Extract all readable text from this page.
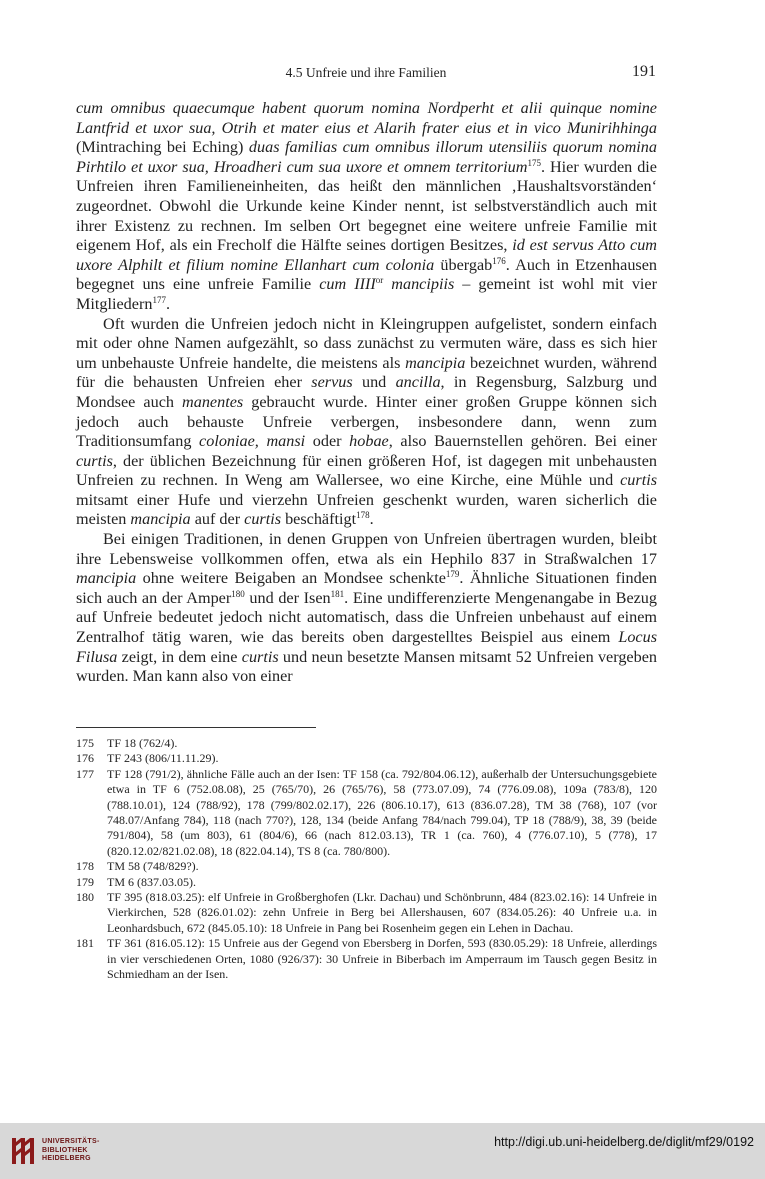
4.5 Unfreie und ihre Familien	191

cum omnibus quaecumque habent quorum nomina Nordperht et alii quinque nomine Lantfrid et uxor sua, Otrih et mater eius et Alarih frater eius et in vico Munirihhinga (Mintraching bei Eching) duas familias cum omnibus illorum utensiliis quorum nomina Pirhtilo et uxor sua, Hroadheri cum sua uxore et omnem territorium$^{175}$. Hier wurden die Unfreien ihren Familieneinheiten, das heißt den männlichen ‚Haushaltsvorständen‘ zugeordnet. Obwohl die Urkunde keine Kinder nennt, ist selbstverständlich auch mit ihrer Existenz zu rechnen. Im selben Ort begegnet eine weitere unfreie Familie mit eigenem Hof, als ein Frecholf die Hälfte seines dortigen Besitzes, id est servus Atto cum uxore Alphilt et filium nomine Ellanhart cum colonia übergab$^{176}$. Auch in Etzenhausen begegnet uns eine unfreie Familie cum $IIII^{or}$ mancipiis – gemeint ist wohl mit vier Mitgliedern$^{177}$.

Oft wurden die Unfreien jedoch nicht in Kleingruppen aufgelistet, sondern einfach mit oder ohne Namen aufgezählt, so dass zunächst zu vermuten wäre, dass es sich hier um unbehauste Unfreie handelte, die meistens als mancipia bezeichnet wurden, während für die behausten Unfreien eher servus und ancilla, in Regensburg, Salzburg und Mondsee auch manentes gebraucht wurde. Hinter einer großen Gruppe können sich jedoch auch behauste Unfreie verbergen, insbesondere dann, wenn zum Traditionsumfang coloniae, mansi oder hobae, also Bauernstellen gehören. Bei einer curtis, der üblichen Bezeichnung für einen größeren Hof, ist dagegen mit unbehausten Unfreien zu rechnen. In Weng am Wallersee, wo eine Kirche, eine Mühle und curtis mitsamt einer Hufe und vierzehn Unfreien geschenkt wurden, waren sicherlich die meisten mancipia auf der curtis beschäftigt$^{178}$.

Bei einigen Traditionen, in denen Gruppen von Unfreien übertragen wurden, bleibt ihre Lebensweise vollkommen offen, etwa als ein Hephilo 837 in Straßwalchen 17 mancipia ohne weitere Beigaben an Mondsee schenkte$^{179}$. Ähnliche Situationen finden sich auch an der Amper$^{180}$ und der Isen$^{181}$. Eine undifferenzierte Mengenangabe in Bezug auf Unfreie bedeutet jedoch nicht automatisch, dass die Unfreien unbehaust auf einem Zentralhof tätig waren, wie das bereits oben dargestelltes Beispiel aus einem Locus Filusa zeigt, in dem eine curtis und neun besetzte Mansen mitsamt 52 Unfreien vergeben wurden. Man kann also von einer

175 TF 18 (762/4).
176 TF 243 (806/11.11.29).
177 TF 128 (791/2), ähnliche Fälle auch an der Isen: TF 158 (ca. 792/804.06.12), außerhalb der Untersuchungsgebiete etwa in TF 6 (752.08.08), 25 (765/70), 26 (765/76), 58 (773.07.09), 74 (776.09.08), 109a (783/8), 120 (788.10.01), 124 (788/92), 178 (799/802.02.17), 226 (806.10.17), 613 (836.07.28), TM 38 (768), 107 (vor 748.07/Anfang 784), 118 (nach 770?), 128, 134 (beide Anfang 784/nach 799.04), TP 18 (788/9), 38, 39 (beide 791/804), 58 (um 803), 61 (804/6), 66 (nach 812.03.13), TR 1 (ca. 760), 4 (776.07.10), 5 (778), 17 (820.12.02/821.02.08), 18 (822.04.14), TS 8 (ca. 780/800).
178 TM 58 (748/829?).
179 TM 6 (837.03.05).
180 TF 395 (818.03.25): elf Unfreie in Großberghofen (Lkr. Dachau) und Schönbrunn, 484 (823.02.16): 14 Unfreie in Vierkirchen, 528 (826.01.02): zehn Unfreie in Berg bei Allershausen, 607 (834.05.26): 40 Unfreie u.a. in Leonhardsbuch, 672 (845.05.10): 18 Unfreie in Pang bei Rosenheim gegen ein Lehen in Dachau.
181 TF 361 (816.05.12): 15 Unfreie aus der Gegend von Ebersberg in Dorfen, 593 (830.05.29): 18 Unfreie, allerdings in vier verschiedenen Orten, 1080 (926/37): 30 Unfreie in Biberbach im Amperraum im Tausch gegen Besitz in Schmiedham an der Isen.
UNIVERSITÄTS-
BIBLIOTHEK
HEIDELBERG
http://digi.ub.uni-heidelberg.de/diglit/mf29/0192
